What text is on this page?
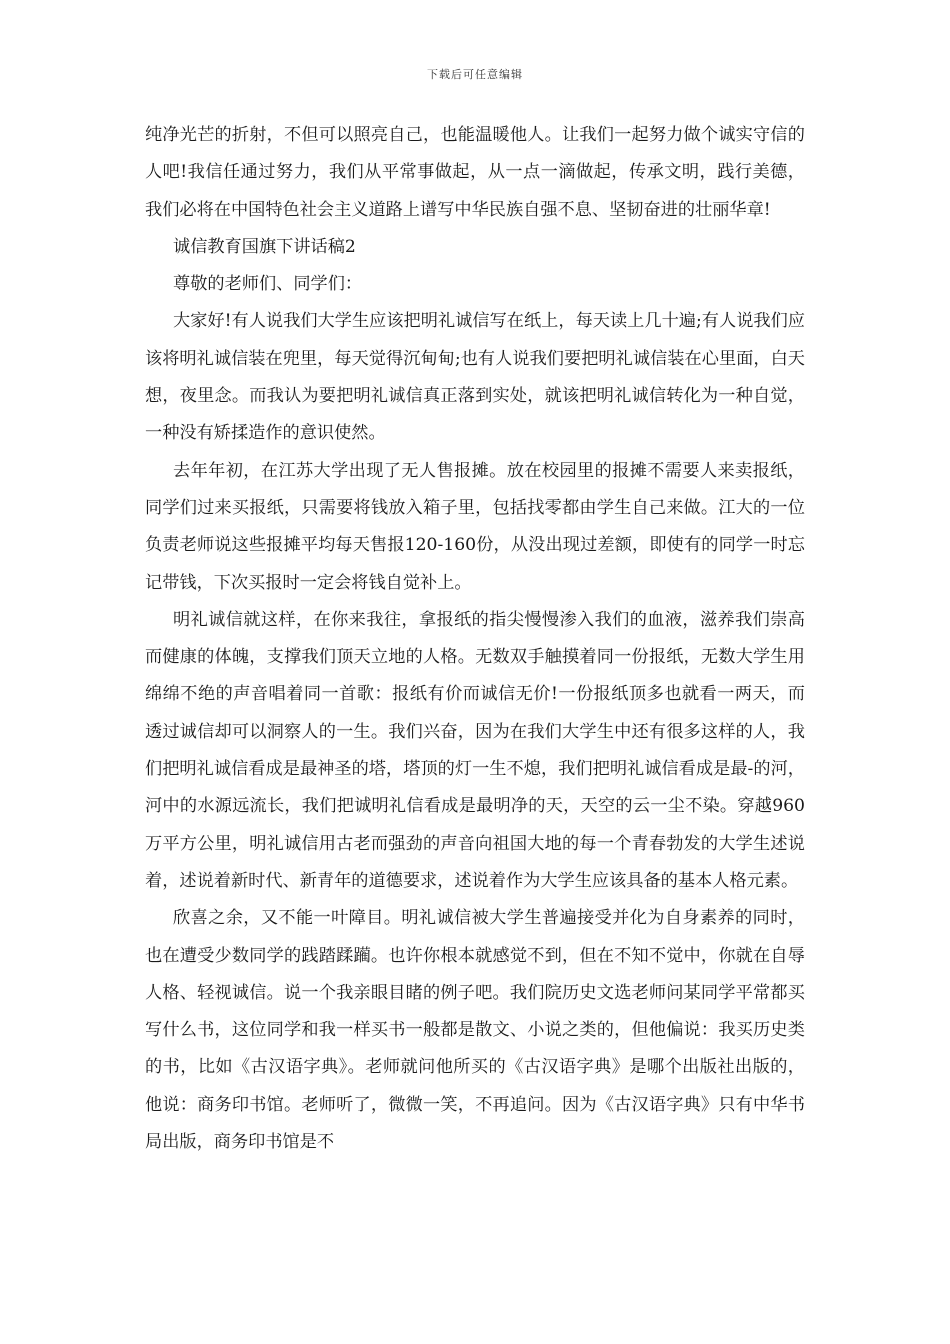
下载后可任意编辑

纯净光芒的折射，不但可以照亮自己，也能温暖他人。让我们一起努力做个诚实守信的人吧!我信任通过努力，我们从平常事做起，从一点一滴做起，传承文明，践行美德，我们必将在中国特色社会主义道路上谱写中华民族自强不息、坚韧奋进的壮丽华章!

诚信教育国旗下讲话稿2

尊敬的老师们、同学们：

大家好!有人说我们大学生应该把明礼诚信写在纸上，每天读上几十遍;有人说我们应该将明礼诚信装在兜里，每天觉得沉甸甸;也有人说我们要把明礼诚信装在心里面，白天想，夜里念。而我认为要把明礼诚信真正落到实处，就该把明礼诚信转化为一种自觉，一种没有矫揉造作的意识使然。

去年年初，在江苏大学出现了无人售报摊。放在校园里的报摊不需要人来卖报纸，同学们过来买报纸，只需要将钱放入箱子里，包括找零都由学生自己来做。江大的一位负责老师说这些报摊平均每天售报120-160份，从没出现过差额，即使有的同学一时忘记带钱，下次买报时一定会将钱自觉补上。

明礼诚信就这样，在你来我往，拿报纸的指尖慢慢渗入我们的血液，滋养我们崇高而健康的体魄，支撑我们顶天立地的人格。无数双手触摸着同一份报纸，无数大学生用绵绵不绝的声音唱着同一首歌：报纸有价而诚信无价!一份报纸顶多也就看一两天，而透过诚信却可以洞察人的一生。我们兴奋，因为在我们大学生中还有很多这样的人，我们把明礼诚信看成是最神圣的塔，塔顶的灯一生不熄，我们把明礼诚信看成是最-的河，河中的水源远流长，我们把诚明礼信看成是最明净的天，天空的云一尘不染。穿越960万平方公里，明礼诚信用古老而强劲的声音向祖国大地的每一个青春勃发的大学生述说着，述说着新时代、新青年的道德要求，述说着作为大学生应该具备的基本人格元素。

欣喜之余，又不能一叶障目。明礼诚信被大学生普遍接受并化为自身素养的同时，也在遭受少数同学的践踏蹂躏。也许你根本就感觉不到，但在不知不觉中，你就在自辱人格、轻视诚信。说一个我亲眼目睹的例子吧。我们院历史文选老师问某同学平常都买写什么书，这位同学和我一样买书一般都是散文、小说之类的，但他偏说：我买历史类的书，比如《古汉语字典》。老师就问他所买的《古汉语字典》是哪个出版社出版的，他说：商务印书馆。老师听了，微微一笑，不再追问。因为《古汉语字典》只有中华书局出版，商务印书馆是不
